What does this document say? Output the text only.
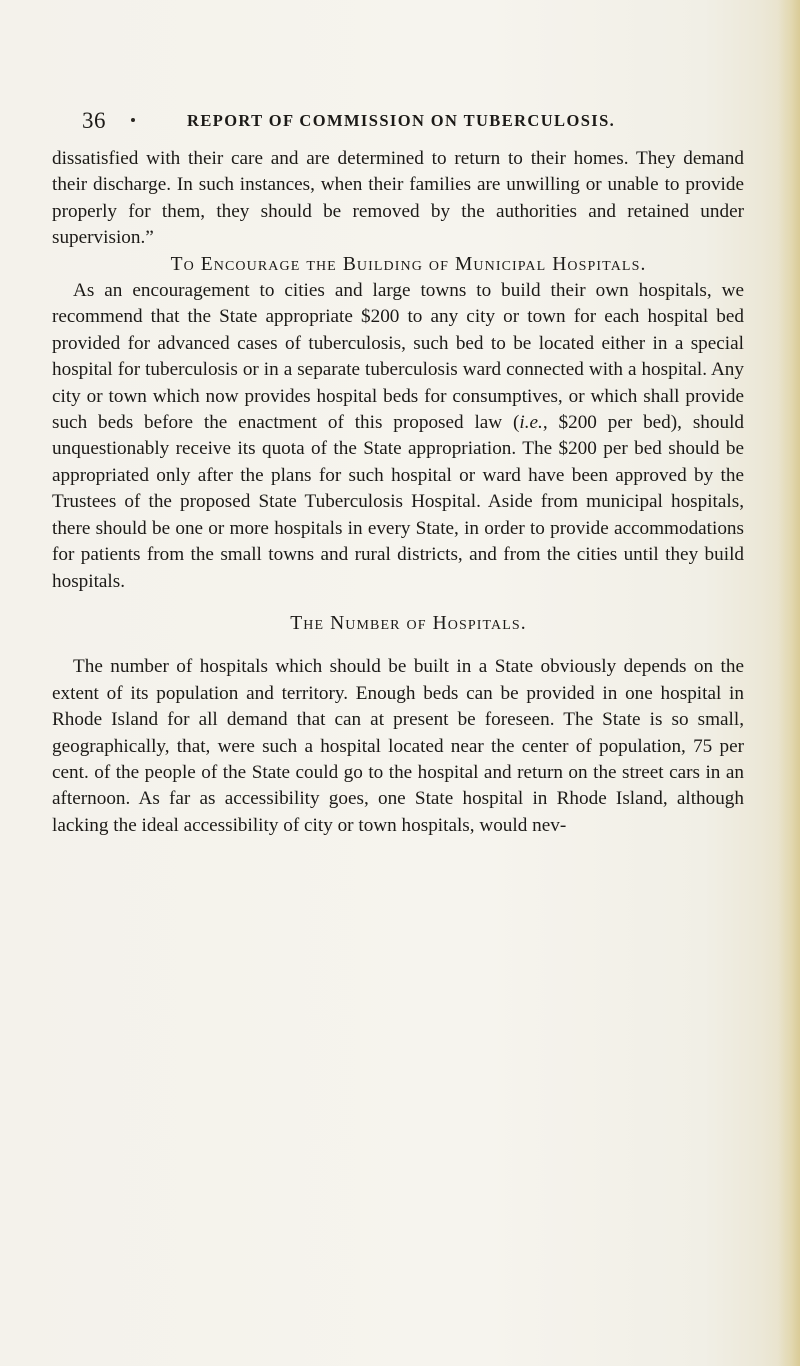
36	REPORT OF COMMISSION ON TUBERCULOSIS.

dissatisfied with their care and are determined to return to their homes. They demand their discharge. In such instances, when their families are unwilling or unable to provide properly for them, they should be removed by the authorities and retained under supervision.”

To Encourage the Building of Municipal Hospitals.

As an encouragement to cities and large towns to build their own hospitals, we recommend that the State appropriate $200 to any city or town for each hospital bed provided for advanced cases of tuberculosis, such bed to be located either in a special hospital for tuberculosis or in a separate tuberculosis ward connected with a hospital. Any city or town which now provides hospital beds for consumptives, or which shall provide such beds before the enactment of this proposed law (i.e., $200 per bed), should unquestionably receive its quota of the State appropriation. The $200 per bed should be appropriated only after the plans for such hospital or ward have been approved by the Trustees of the proposed State Tuberculosis Hospital. Aside from municipal hospitals, there should be one or more hospitals in every State, in order to provide accommodations for patients from the small towns and rural districts, and from the cities until they build hospitals.

The Number of Hospitals.

The number of hospitals which should be built in a State obviously depends on the extent of its population and territory. Enough beds can be provided in one hospital in Rhode Island for all demand that can at present be foreseen. The State is so small, geographically, that, were such a hospital located near the center of population, 75 per cent. of the people of the State could go to the hospital and return on the street cars in an afternoon. As far as accessibility goes, one State hospital in Rhode Island, although lacking the ideal accessibility of city or town hospitals, would nev-
